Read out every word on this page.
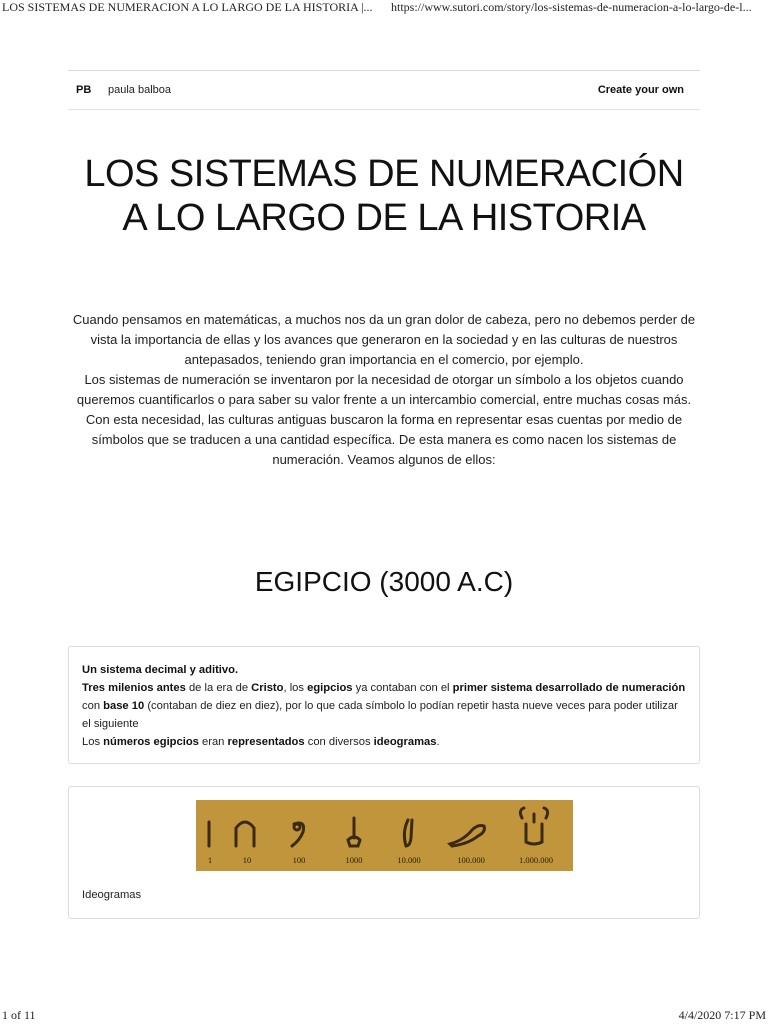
LOS SISTEMAS DE NUMERACION A LO LARGO DE LA HISTORIA |... https://www.sutori.com/story/los-sistemas-de-numeracion-a-lo-largo-de-l...
PB paula balboa	Create your own
LOS SISTEMAS DE NUMERACIÓN A LO LARGO DE LA HISTORIA

Cuando pensamos en matemáticas, a muchos nos da un gran dolor de cabeza, pero no debemos perder de vista la importancia de ellas y los avances que generaron en la sociedad y en las culturas de nuestros antepasados, teniendo gran importancia en el comercio, por ejemplo.

Los sistemas de numeración se inventaron por la necesidad de otorgar un símbolo a los objetos cuando queremos cuantificarlos o para saber su valor frente a un intercambio comercial, entre muchas cosas más. Con esta necesidad, las culturas antiguas buscaron la forma en representar esas cuentas por medio de símbolos que se traducen a una cantidad específica. De esta manera es como nacen los sistemas de numeración. Veamos algunos de ellos:

EGIPCIO (3000 A.C)

Un sistema decimal y aditivo.

Tres milenios antes de la era de Cristo, los egipcios ya contaban con el primer sistema desarrollado de numeración con base 10 (contaban de diez en diez), por lo que cada símbolo lo podían repetir hasta nueve veces para poder utilizar el siguiente

Los números egipcios eran representados con diversos ideogramas.

1	10	100	1000	10.000	100.000	1.000.000
Ideogramas
1 of 11	4/4/2020 7:17 PM
